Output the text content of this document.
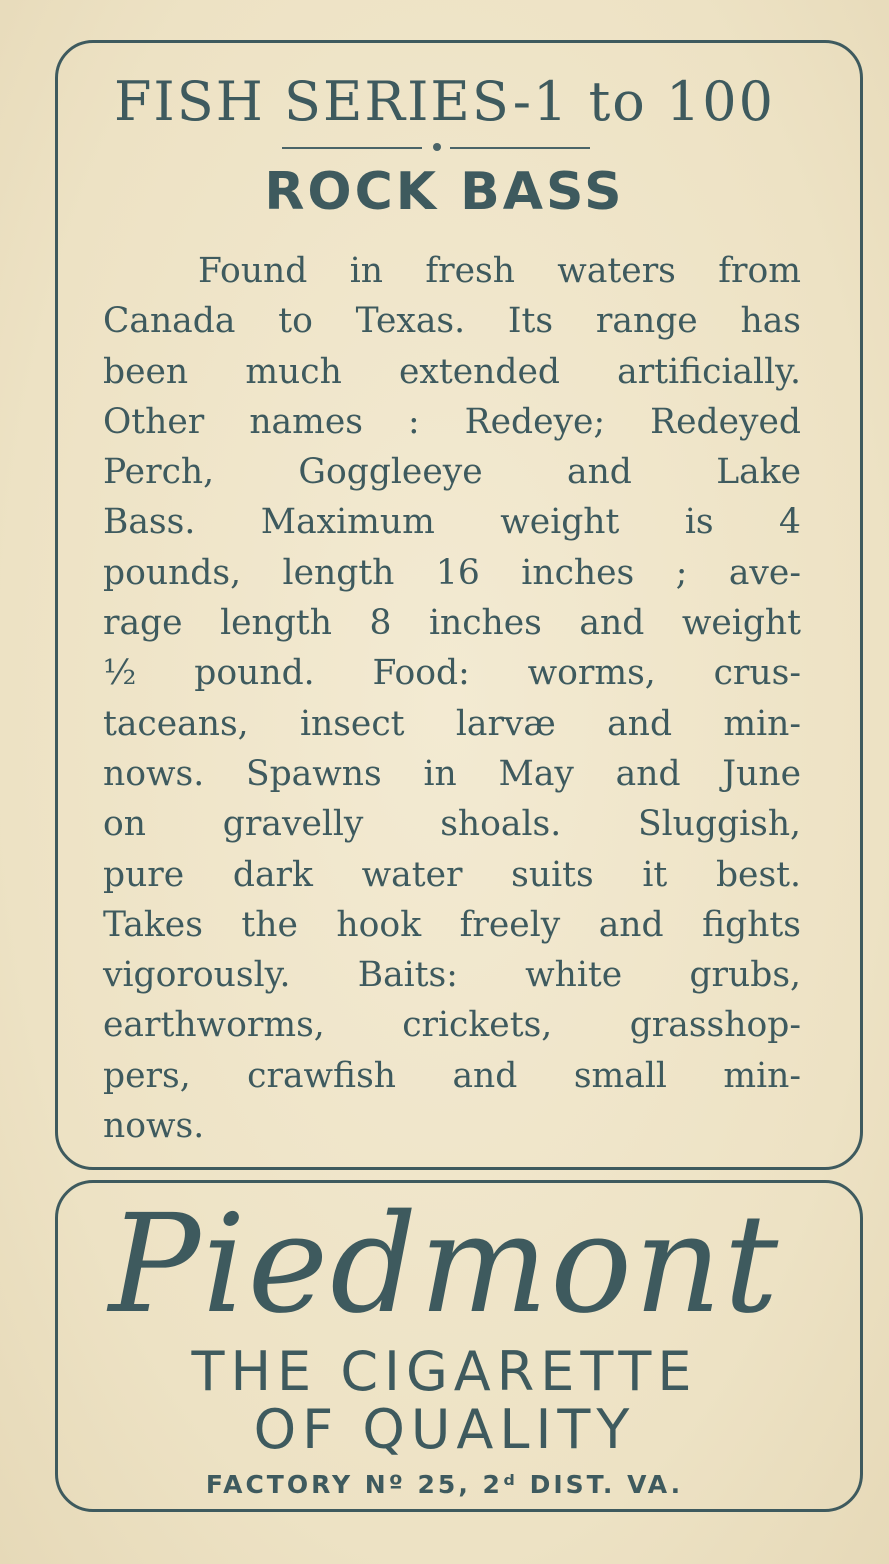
FISH SERIES-1 to 100
ROCK BASS
Found in fresh waters from
Canada to Texas. Its range has
been much extended artificially.
Other names : Redeye; Redeyed
Perch, Goggleeye and Lake
Bass. Maximum weight is 4
pounds, length 16 inches ; ave-
rage length 8 inches and weight
½ pound. Food: worms, crus-
taceans, insect larvæ and min-
nows. Spawns in May and June
on gravelly shoals. Sluggish,
pure dark water suits it best.
Takes the hook freely and fights
vigorously. Baits: white grubs,
earthworms, crickets, grasshop-
pers, crawfish and small min-
nows.
Piedmont
THE CIGARETTE
OF QUALITY
FACTORY Nº 25, 2ᵈ DIST. VA.
